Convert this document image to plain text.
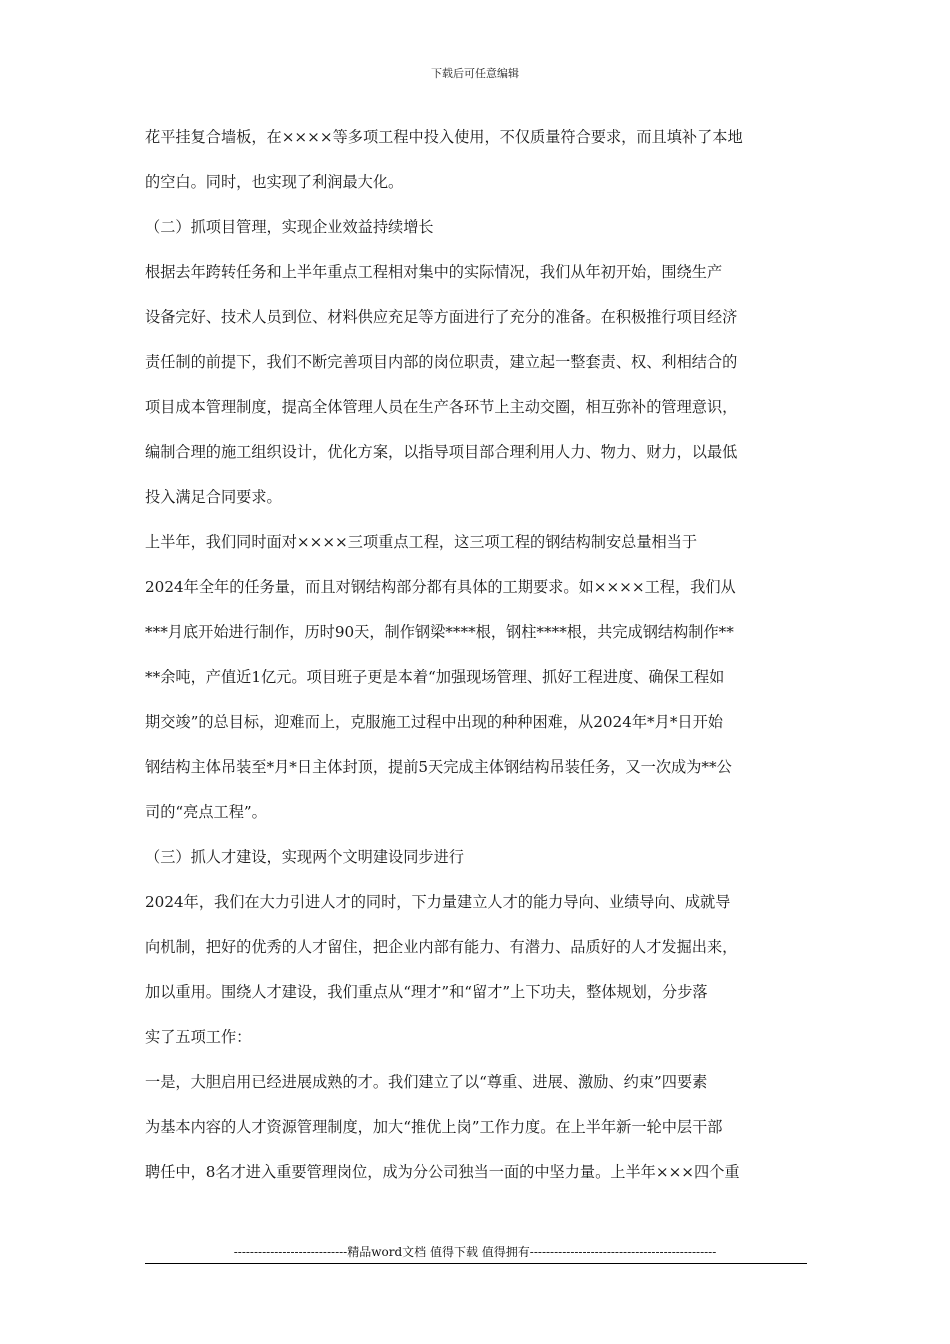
下载后可任意编辑
花平挂复合墙板，在××××等多项工程中投入使用，不仅质量符合要求，而且填补了本地
的空白。同时，也实现了利润最大化。
（二）抓项目管理，实现企业效益持续增长
根据去年跨转任务和上半年重点工程相对集中的实际情况，我们从年初开始，围绕生产
设备完好、技术人员到位、材料供应充足等方面进行了充分的准备。在积极推行项目经济
责任制的前提下，我们不断完善项目内部的岗位职责，建立起一整套责、权、利相结合的
项目成本管理制度，提高全体管理人员在生产各环节上主动交圈，相互弥补的管理意识，
编制合理的施工组织设计，优化方案，以指导项目部合理利用人力、物力、财力，以最低
投入满足合同要求。
上半年，我们同时面对××××三项重点工程，这三项工程的钢结构制安总量相当于
2024年全年的任务量，而且对钢结构部分都有具体的工期要求。如××××工程，我们从
***月底开始进行制作，历时90天，制作钢梁****根，钢柱****根，共完成钢结构制作**
**余吨，产值近1亿元。项目班子更是本着“加强现场管理、抓好工程进度、确保工程如
期交竣”的总目标，迎难而上，克服施工过程中出现的种种困难，从2024年*月*日开始
钢结构主体吊装至*月*日主体封顶，提前5天完成主体钢结构吊装任务，又一次成为**公
司的“亮点工程”。
（三）抓人才建设，实现两个文明建设同步进行
2024年，我们在大力引进人才的同时，下力量建立人才的能力导向、业绩导向、成就导
向机制，把好的优秀的人才留住，把企业内部有能力、有潜力、品质好的人才发掘出来，
加以重用。围绕人才建设，我们重点从“理才”和“留才”上下功夫，整体规划，分步落
实了五项工作：
一是，大胆启用已经进展成熟的才。我们建立了以“尊重、进展、激励、约束”四要素
为基本内容的人才资源管理制度，加大“推优上岗”工作力度。在上半年新一轮中层干部
聘任中，8名才进入重要管理岗位，成为分公司独当一面的中坚力量。上半年×××四个重
----------------------------精品word文档 值得下载 值得拥有----------------------------------------------
